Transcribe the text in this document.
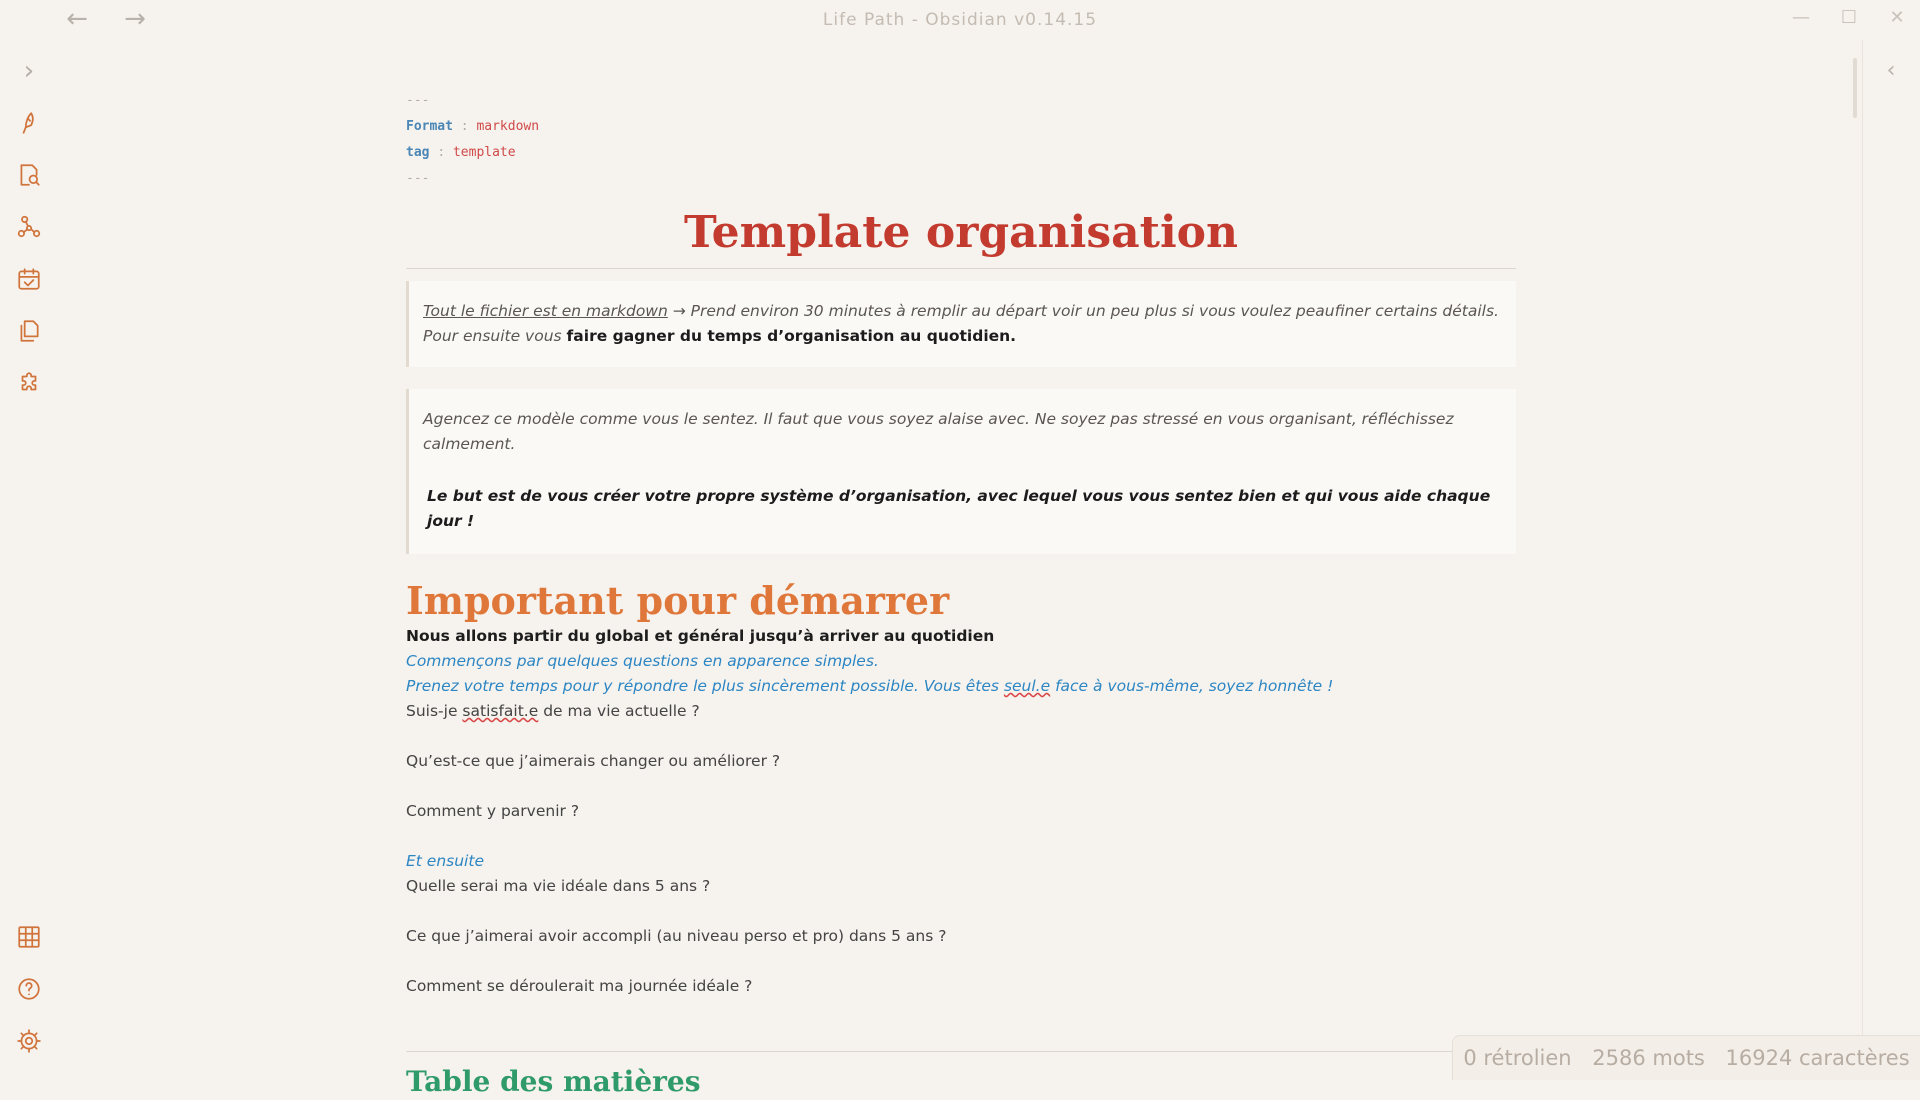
← →	Life Path - Obsidian v0.14.15	—	☐	✕
›	‹
---
Format : markdown
tag : template
---
Template organisation
Tout le fichier est en markdown → Prend environ 30 minutes à remplir au départ voir un peu plus si vous voulez peaufiner certains détails.
Pour ensuite vous faire gagner du temps d’organisation au quotidien.
Agencez ce modèle comme vous le sentez. Il faut que vous soyez alaise avec. Ne soyez pas stressé en vous organisant, réfléchissez calmement.
Le but est de vous créer votre propre système d’organisation, avec lequel vous vous sentez bien et qui vous aide chaque jour !
Important pour démarrer
Nous allons partir du global et général jusqu’à arriver au quotidien
Commençons par quelques questions en apparence simples.
Prenez votre temps pour y répondre le plus sincèrement possible. Vous êtes seul.e face à vous-même, soyez honnête !
Suis-je satisfait.e de ma vie actuelle ?
Qu’est-ce que j’aimerais changer ou améliorer ?
Comment y parvenir ?
Et ensuite
Quelle serai ma vie idéale dans 5 ans ?
Ce que j’aimerai avoir accompli (au niveau perso et pro) dans 5 ans ?
Comment se déroulerait ma journée idéale ?
Table des matières
0 rétrolien 2586 mots 16924 caractères
